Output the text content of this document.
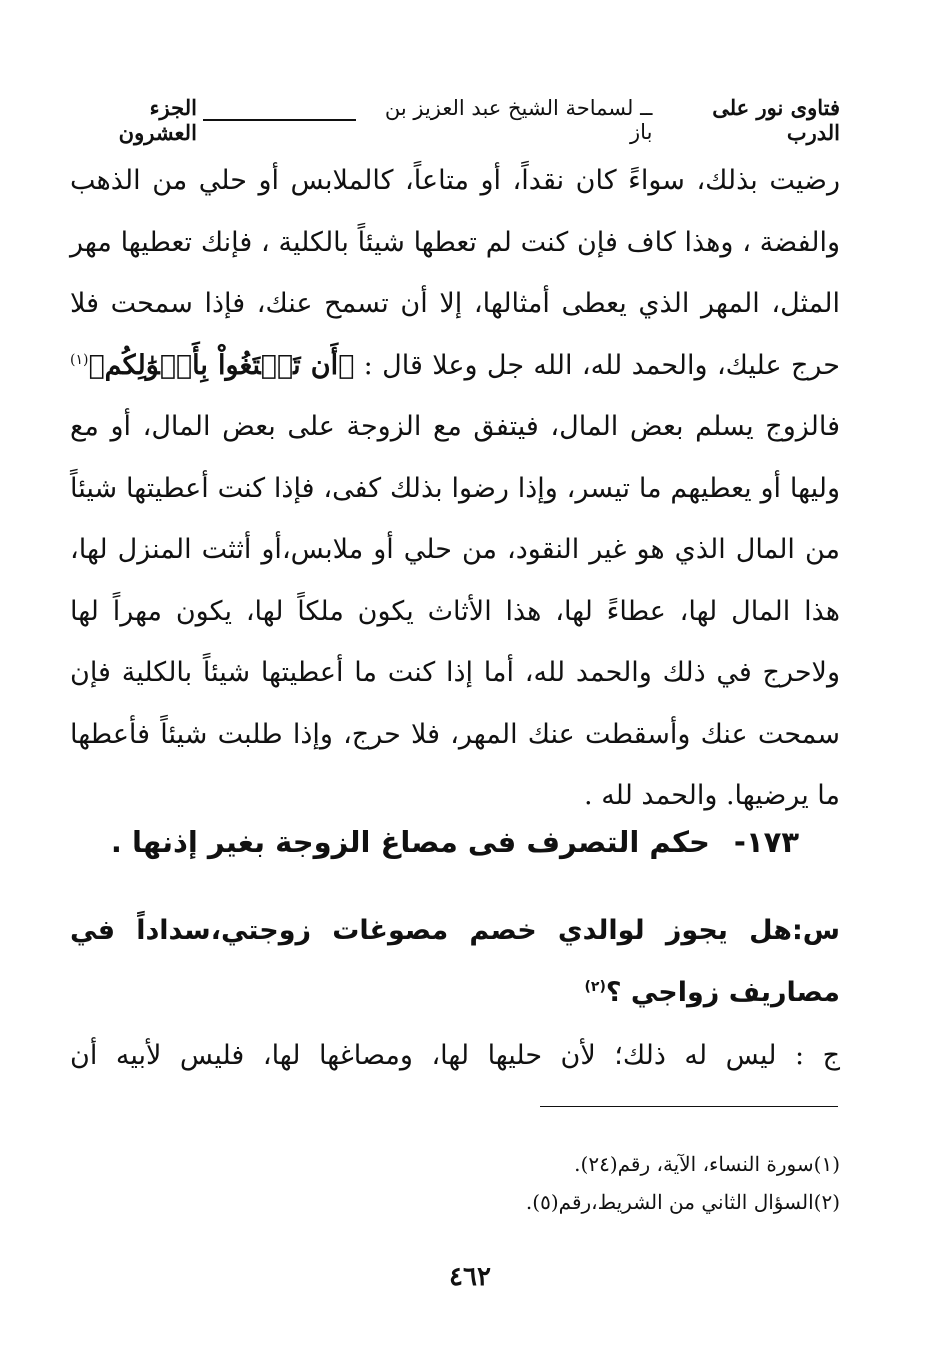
فتاوى نور على الدرب
ــ لسماحة الشيخ عبد العزيز بن باز
الجزء العشرون

رضيت بذلك، سواءً كان نقداً، أو متاعاً، كالملابس أو حلي من الذهب والفضة ، وهذا كاف فإن كنت لم تعطها شيئاً بالكلية ، فإنك تعطيها مهر المثل، المهر الذي يعطى أمثالها، إلا أن تسمح عنك، فإذا سمحت فلا حرج عليك، والحمد لله، الله جل وعلا قال : ﴿أَن تَبۡتَغُواْ بِأَمۡوَٰلِكُم﴾$^{(١)}$ فالزوج يسلم بعض المال، فيتفق مع الزوجة على بعض المال، أو مع وليها أو يعطيهم ما تيسر، وإذا رضوا بذلك كفى، فإذا كنت أعطيتها شيئاً من المال الذي هو غير النقود، من حلي أو ملابس،أو أثثت المنزل لها، هذا المال لها، عطاءً لها، هذا الأثاث يكون ملكاً لها، يكون مهراً لها ولاحرج في ذلك والحمد لله، أما إذا كنت ما أعطيتها شيئاً بالكلية فإن سمحت عنك وأسقطت عنك المهر، فلا حرج، وإذا طلبت شيئاً فأعطها ما يرضيها. والحمد لله .

١٧٣-حكم التصرف فى مصاغ الزوجة بغير إذنها .
س:هل يجوز لوالدي خصم مصوغات زوجتي،سداداً في مصاريف زواجي ؟$^{(٢)}$
ج : ليس له ذلك؛ لأن حليها لها، ومصاغها لها، فليس لأبيه أن
(١)سورة النساء، الآية، رقم(٢٤).
(٢)السؤال الثاني من الشريط،رقم(٥).
٤٦٢
